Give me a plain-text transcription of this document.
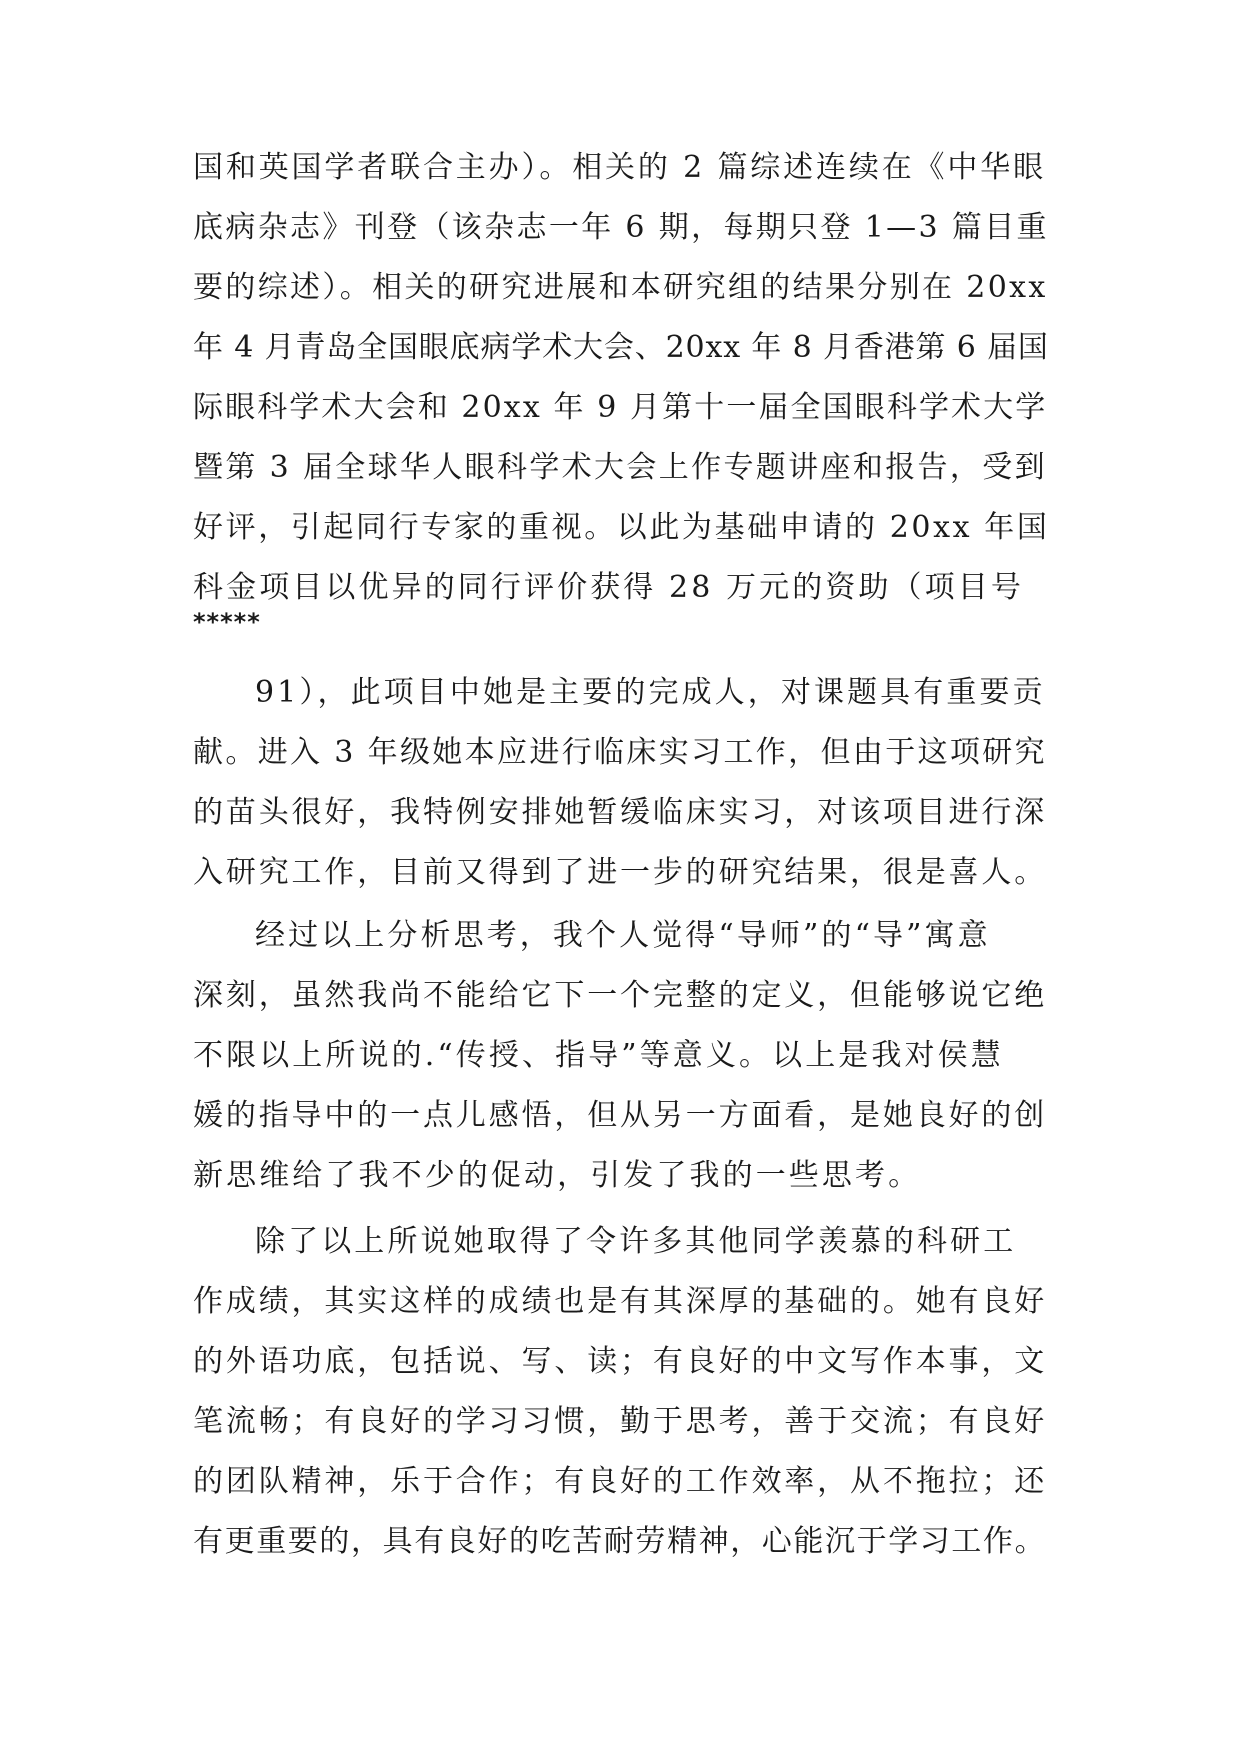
国和英国学者联合主办）。相关的 2 篇综述连续在《中华眼
底病杂志》刊登（该杂志一年 6 期，每期只登 1—3 篇目重
要的综述）。相关的研究进展和本研究组的结果分别在 20xx
年 4 月青岛全国眼底病学术大会、20xx 年 8 月香港第 6 届国
际眼科学术大会和 20xx 年 9 月第十一届全国眼科学术大学
暨第 3 届全球华人眼科学术大会上作专题讲座和报告，受到
好评，引起同行专家的重视。以此为基础申请的 20xx 年国
科金项目以优异的同行评价获得 28 万元的资助（项目号
*****
91），此项目中她是主要的完成人，对课题具有重要贡
献。进入 3 年级她本应进行临床实习工作，但由于这项研究
的苗头很好，我特例安排她暂缓临床实习，对该项目进行深
入研究工作，目前又得到了进一步的研究结果，很是喜人。
经过以上分析思考，我个人觉得“导师”的“导”寓意
深刻，虽然我尚不能给它下一个完整的定义，但能够说它绝
不限以上所说的.“传授、指导”等意义。以上是我对侯慧
媛的指导中的一点儿感悟，但从另一方面看，是她良好的创
新思维给了我不少的促动，引发了我的一些思考。
除了以上所说她取得了令许多其他同学羡慕的科研工
作成绩，其实这样的成绩也是有其深厚的基础的。她有良好
的外语功底，包括说、写、读；有良好的中文写作本事，文
笔流畅；有良好的学习习惯，勤于思考，善于交流；有良好
的团队精神，乐于合作；有良好的工作效率，从不拖拉；还
有更重要的，具有良好的吃苦耐劳精神，心能沉于学习工作。
